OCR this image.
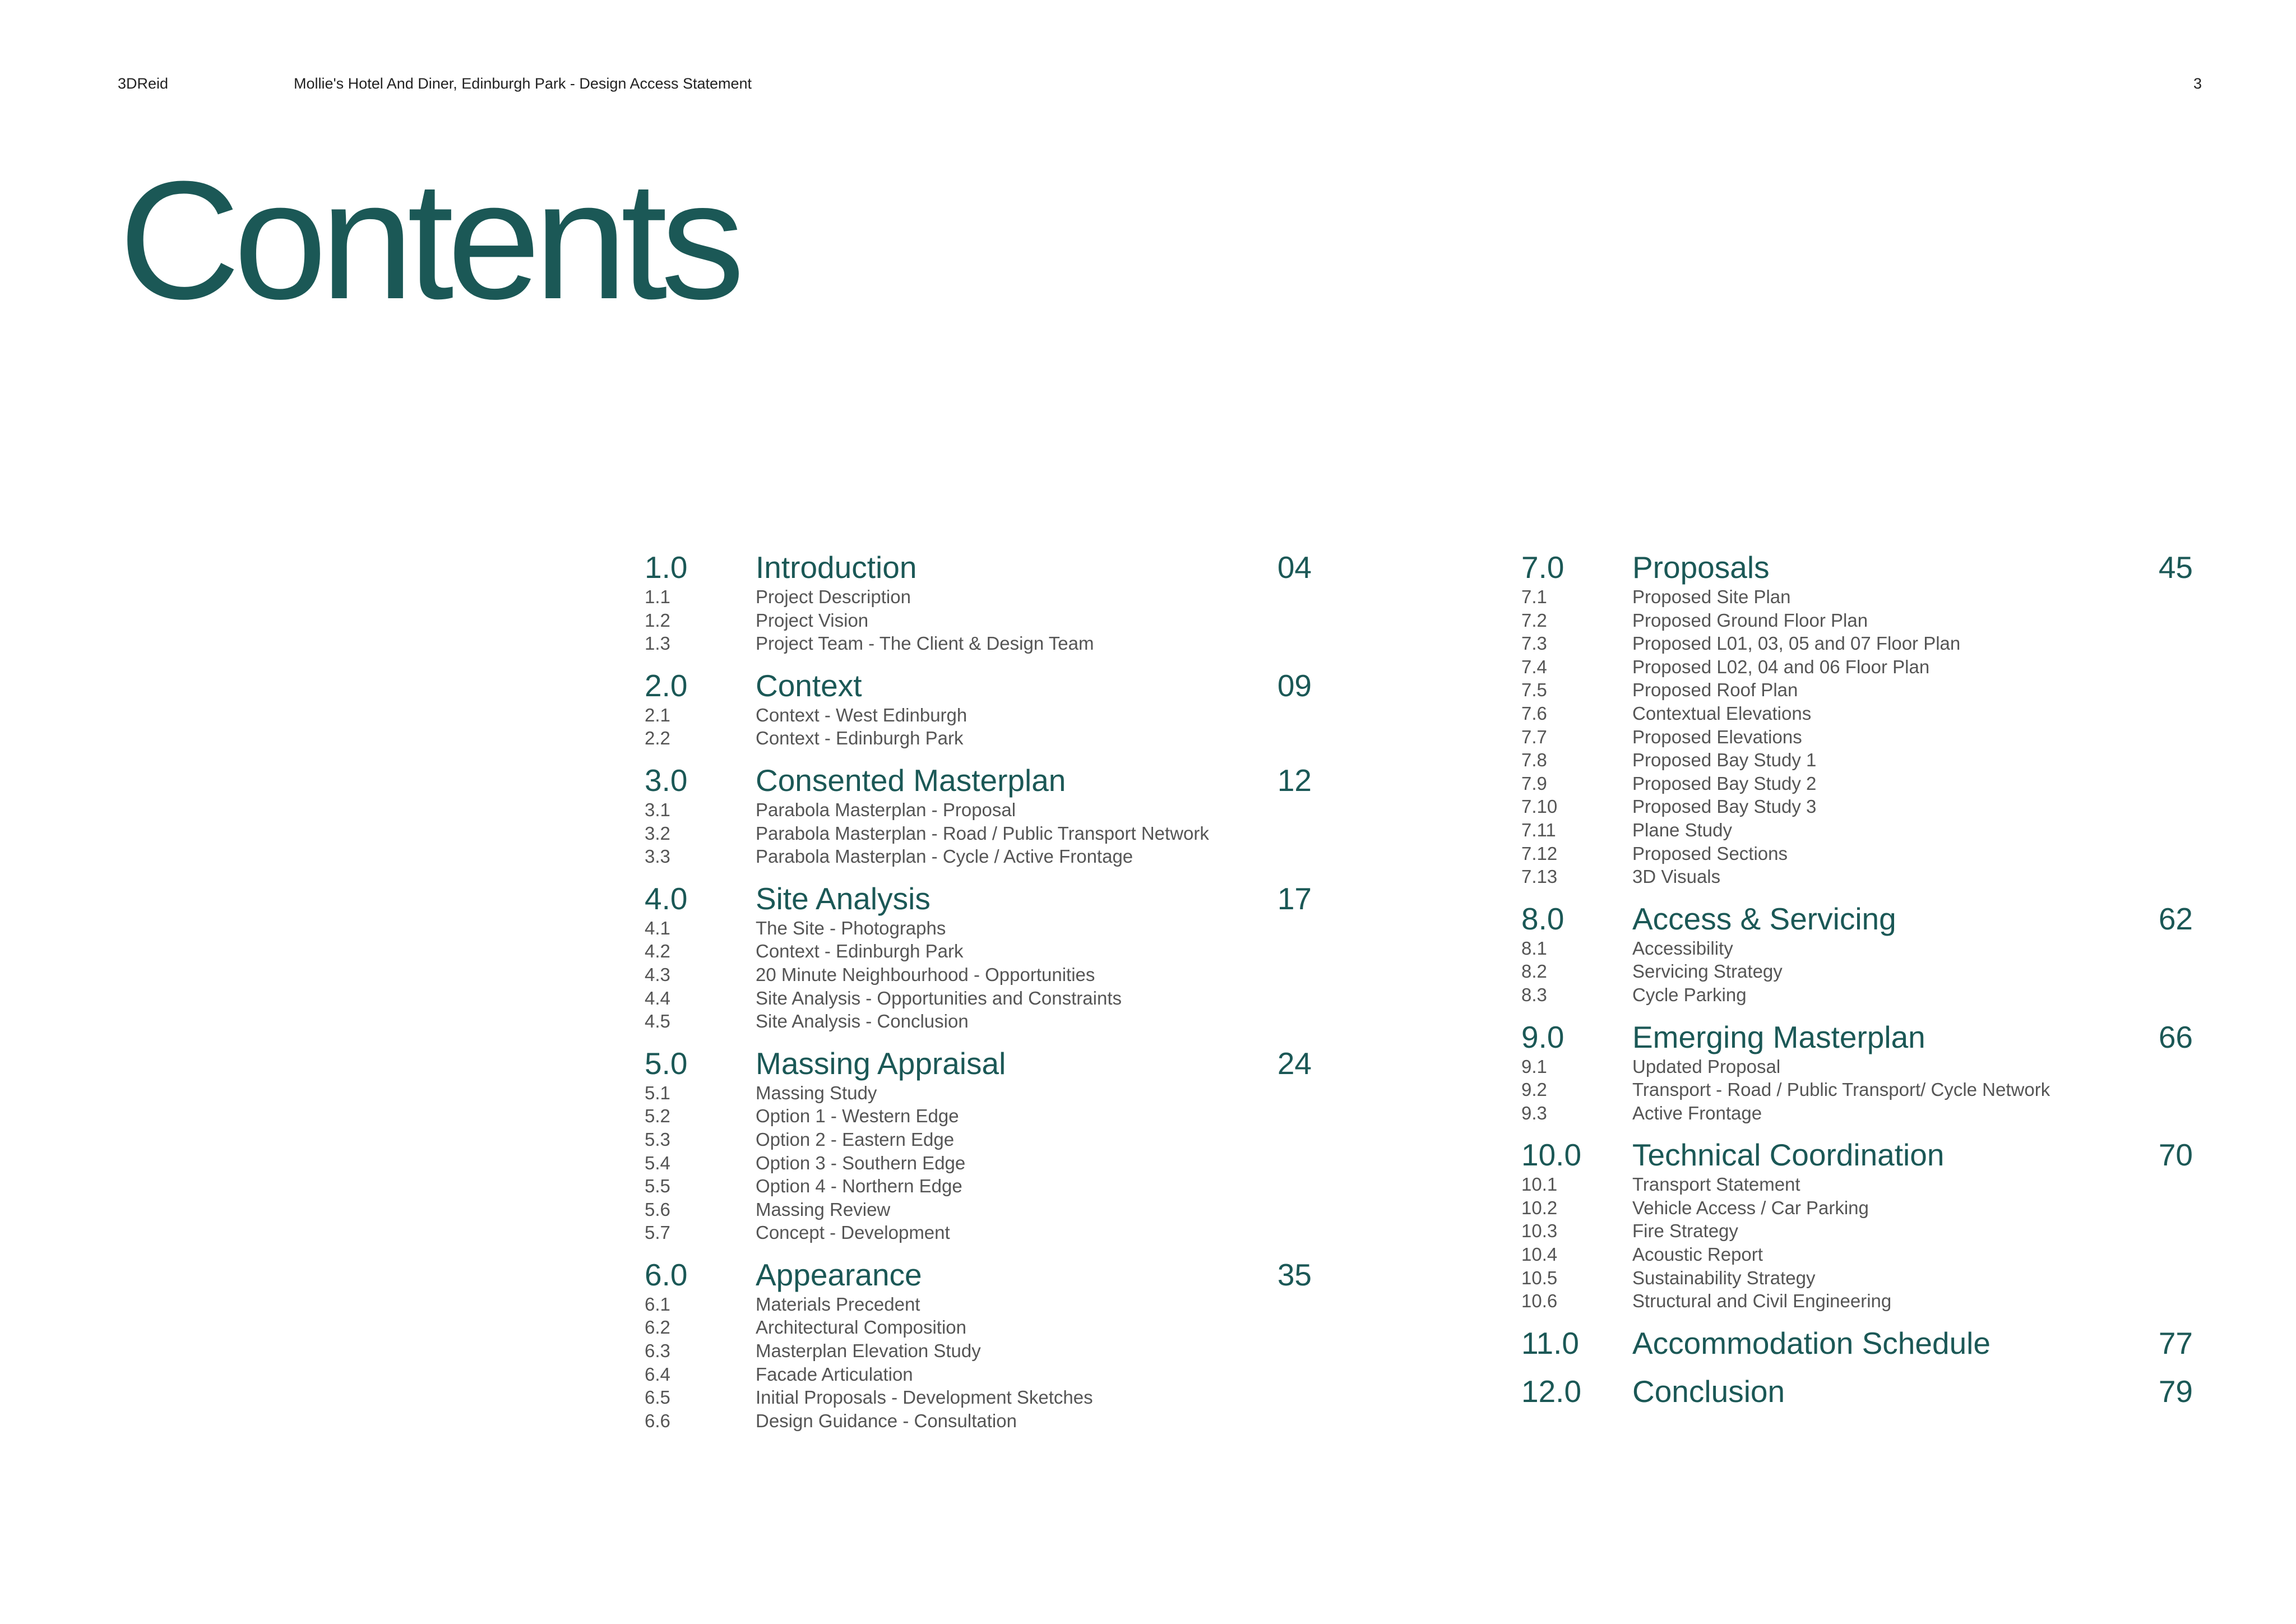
3DReid	Mollie's Hotel And Diner, Edinburgh Park - Design Access Statement	3
Contents
1.0 Introduction	04
1.1	Project Description
1.2	Project Vision
1.3	Project Team - The Client & Design Team
2.0 Context	09
2.1	Context - West Edinburgh
2.2	Context - Edinburgh Park
3.0 Consented Masterplan	12
3.1	Parabola Masterplan - Proposal
3.2	Parabola Masterplan - Road / Public Transport Network
3.3	Parabola Masterplan - Cycle / Active Frontage
4.0 Site Analysis	17
4.1	The Site - Photographs
4.2	Context - Edinburgh Park
4.3	20 Minute Neighbourhood - Opportunities
4.4	Site Analysis - Opportunities and Constraints
4.5	Site Analysis - Conclusion
5.0 Massing Appraisal	24
5.1	Massing Study
5.2	Option 1 - Western Edge
5.3	Option 2 - Eastern Edge
5.4	Option 3 - Southern Edge
5.5	Option 4 - Northern Edge
5.6	Massing Review
5.7	Concept - Development
6.0 Appearance	35
6.1	Materials Precedent
6.2	Architectural Composition
6.3	Masterplan Elevation Study
6.4	Facade Articulation
6.5	Initial Proposals - Development Sketches
6.6	Design Guidance - Consultation
7.0 Proposals	45
7.1	Proposed Site Plan
7.2	Proposed Ground Floor Plan
7.3	Proposed L01, 03, 05 and 07 Floor Plan
7.4	Proposed L02, 04 and 06 Floor Plan
7.5	Proposed Roof Plan
7.6	Contextual Elevations
7.7	Proposed Elevations
7.8	Proposed Bay Study 1
7.9	Proposed Bay Study 2
7.10	Proposed Bay Study 3
7.11	Plane Study
7.12	Proposed Sections
7.13	3D Visuals
8.0 Access & Servicing	62
8.1	Accessibility
8.2	Servicing Strategy
8.3	Cycle Parking
9.0 Emerging Masterplan	66
9.1	Updated Proposal
9.2	Transport - Road / Public Transport/ Cycle Network
9.3	Active Frontage
10.0 Technical Coordination	70
10.1	Transport Statement
10.2	Vehicle Access / Car Parking
10.3	Fire Strategy
10.4	Acoustic Report
10.5	Sustainability Strategy
10.6	Structural and Civil Engineering
11.0 Accommodation Schedule	77
12.0 Conclusion	79
